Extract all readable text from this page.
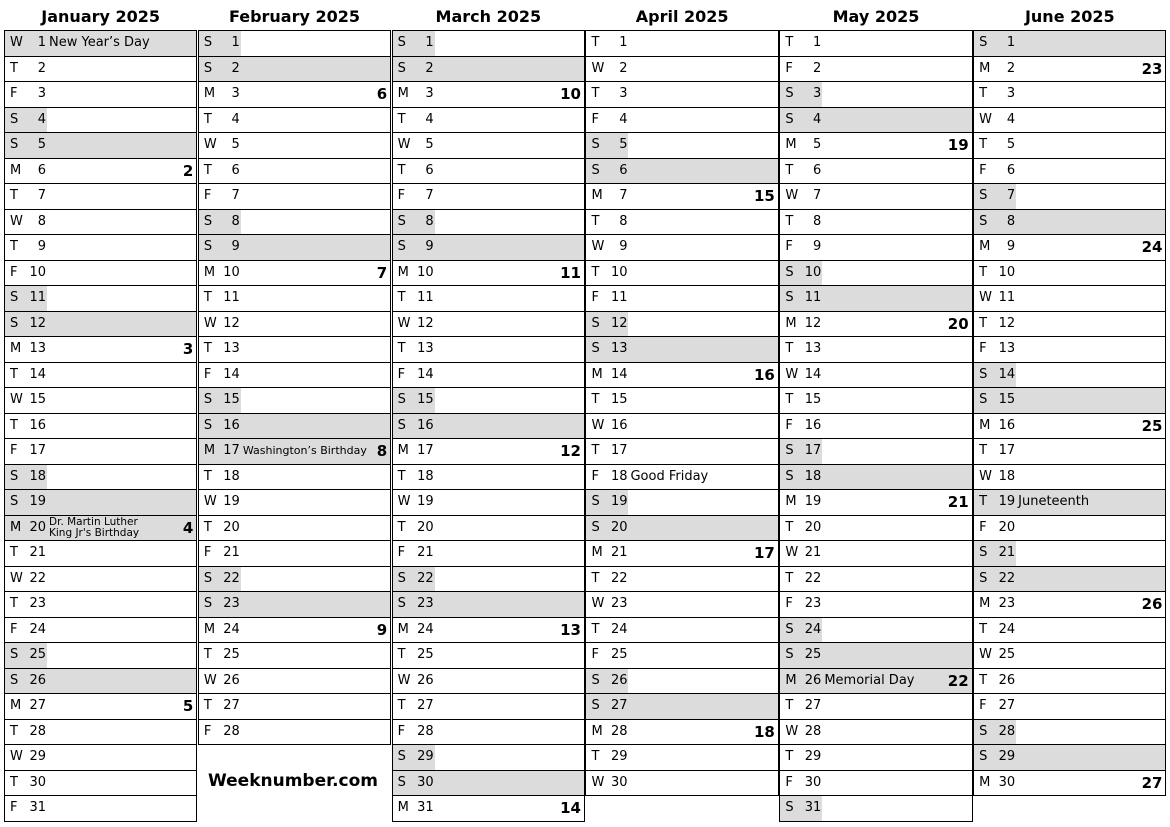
January 2025
W	1 New Year’s Day
T	2
F	3
S	4
S	5
M	6	2
T	7
W	8
T	9
F 10
S 11
S 12
M 13	3
T 14
W 15
T 16
F 17
S 18
S 19
M 20 Dr. Martin Luther
King Jr's Birthday	4
T 21
W 22
T 23
F 24
S 25
S 26
M 27	5
T 28
W 29
T 30
F 31
February 2025
S	1
S	2
M	3	6
T	4
W	5
T	6
F	7
S	8
S	9
M 10	7
T 11
W 12
T 13
F 14
S 15
S 16
M 17 Washington’s Birthday 8
T 18
W 19
T 20
F 21
S 22
S 23
M 24	9
T 25
W 26
T 27
F 28
March 2025
S	1
S	2
M	3	10
T	4
W	5
T	6
F	7
S	8
S	9
M 10	11
T 11
W 12
T 13
F 14
S 15
S 16
M 17	12
T 18
W 19
T 20
F 21
S 22
S 23
M 24	13
T 25
W 26
T 27
F 28
S 29
S 30
M 31	14
April 2025
T	1
W	2
T	3
F	4
S	5
S	6
M	7	15
T	8
W	9
T 10
F 11
S 12
S 13
M 14	16
T 15
W 16
T 17
F 18 Good Friday
S 19
S 20
M 21	17
T 22
W 23
T 24
F 25
S 26
S 27
M 28	18
T 29
W 30
May 2025
T	1
F	2
S	3
S	4
M	5	19
T	6
W	7
T	8
F	9
S 10
S 11
M 12	20
T 13
W 14
T 15
F 16
S 17
S 18
M 19	21
T 20
W 21
T 22
F 23
S 24
S 25
M 26 Memorial Day 22
T 27
W 28
T 29
F 30
S 31
June 2025
S	1
M	2	23
T	3
W	4
T	5
F	6
S	7
S	8
M	9	24
T 10
W 11
T 12
F 13
S 14
S 15
M 16	25
T 17
W 18
T 19 Juneteenth
F 20
S 21
S 22
M 23	26
T 24
W 25
T 26
F 27
S 28
S 29
M 30	27
Weeknumber.com
